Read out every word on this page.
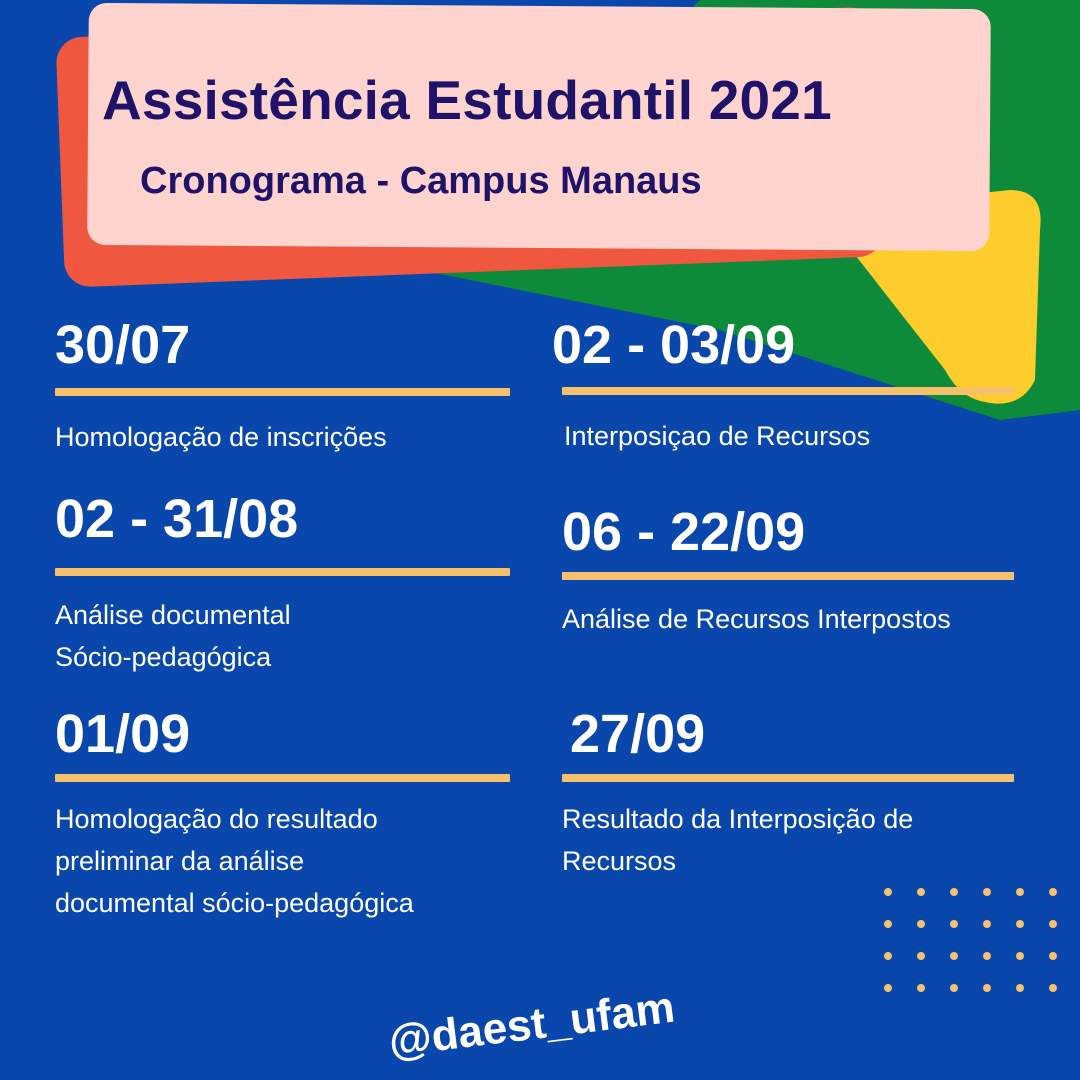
Assistência Estudantil 2021
Cronograma - Campus Manaus
30/07
Homologação de inscrições
02 - 03/09
Interposiçao de Recursos
02 - 31/08
Análise documental
Sócio-pedagógica
06 - 22/09
Análise de Recursos Interpostos
01/09
Homologação do resultado
preliminar da análise
documental sócio-pedagógica
27/09
Resultado da Interposição de
Recursos
@daest_ufam
